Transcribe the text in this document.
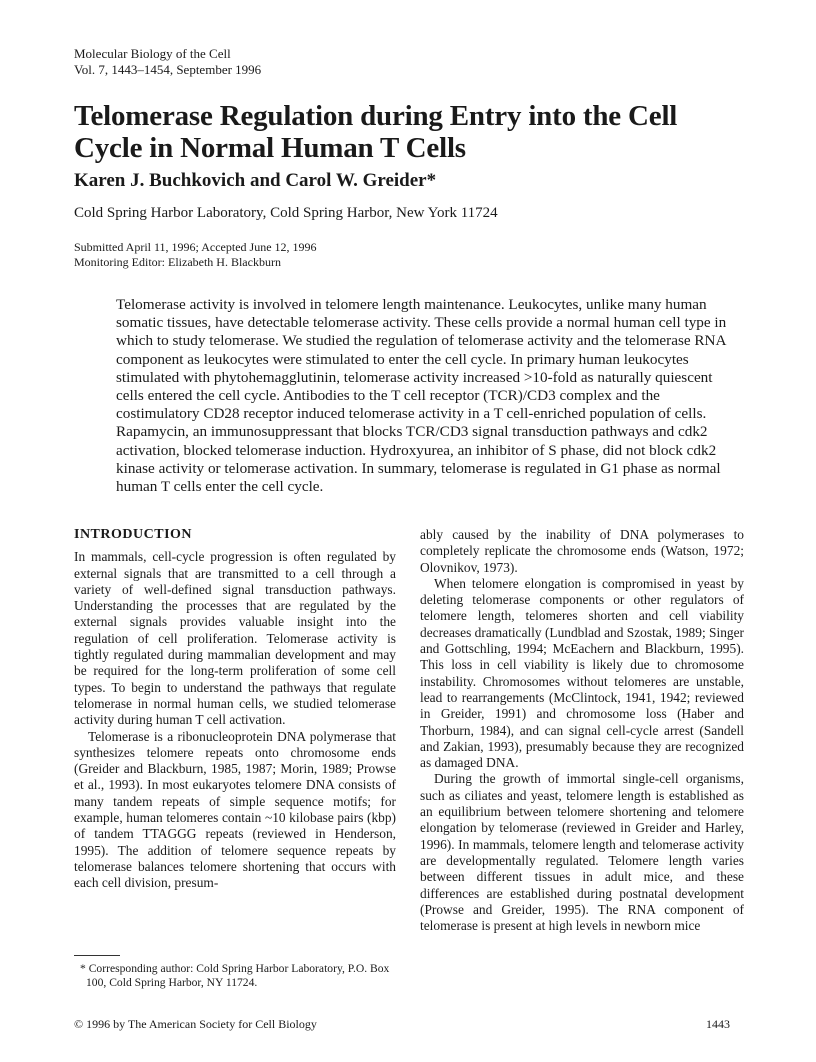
Molecular Biology of the Cell
Vol. 7, 1443–1454, September 1996
Telomerase Regulation during Entry into the Cell Cycle in Normal Human T Cells
Karen J. Buchkovich and Carol W. Greider*
Cold Spring Harbor Laboratory, Cold Spring Harbor, New York 11724
Submitted April 11, 1996; Accepted June 12, 1996
Monitoring Editor: Elizabeth H. Blackburn

Telomerase activity is involved in telomere length maintenance. Leukocytes, unlike many human somatic tissues, have detectable telomerase activity. These cells provide a normal human cell type in which to study telomerase. We studied the regulation of telomerase activity and the telomerase RNA component as leukocytes were stimulated to enter the cell cycle. In primary human leukocytes stimulated with phytohemagglutinin, telomerase activity increased >10-fold as naturally quiescent cells entered the cell cycle. Antibodies to the T cell receptor (TCR)/CD3 complex and the costimulatory CD28 receptor induced telomerase activity in a T cell-enriched population of cells. Rapamycin, an immunosuppressant that blocks TCR/CD3 signal transduction pathways and cdk2 activation, blocked telomerase induction. Hydroxyurea, an inhibitor of S phase, did not block cdk2 kinase activity or telomerase activation. In summary, telomerase is regulated in G1 phase as normal human T cells enter the cell cycle.

INTRODUCTION

In mammals, cell-cycle progression is often regulated by external signals that are transmitted to a cell through a variety of well-defined signal transduction pathways. Understanding the processes that are regulated by the external signals provides valuable insight into the regulation of cell proliferation. Telomerase activity is tightly regulated during mammalian development and may be required for the long-term proliferation of some cell types. To begin to understand the pathways that regulate telomerase in normal human cells, we studied telomerase activity during human T cell activation.

Telomerase is a ribonucleoprotein DNA polymerase that synthesizes telomere repeats onto chromosome ends (Greider and Blackburn, 1985, 1987; Morin, 1989; Prowse et al., 1993). In most eukaryotes telomere DNA consists of many tandem repeats of simple sequence motifs; for example, human telomeres contain ~10 kilobase pairs (kbp) of tandem TTAGGG repeats (reviewed in Henderson, 1995). The addition of telomere sequence repeats by telomerase balances telomere shortening that occurs with each cell division, presum-

ably caused by the inability of DNA polymerases to completely replicate the chromosome ends (Watson, 1972; Olovnikov, 1973).

When telomere elongation is compromised in yeast by deleting telomerase components or other regulators of telomere length, telomeres shorten and cell viability decreases dramatically (Lundblad and Szostak, 1989; Singer and Gottschling, 1994; McEachern and Blackburn, 1995). This loss in cell viability is likely due to chromosome instability. Chromosomes without telomeres are unstable, lead to rearrangements (McClintock, 1941, 1942; reviewed in Greider, 1991) and chromosome loss (Haber and Thorburn, 1984), and can signal cell-cycle arrest (Sandell and Zakian, 1993), presumably because they are recognized as damaged DNA.

During the growth of immortal single-cell organisms, such as ciliates and yeast, telomere length is established as an equilibrium between telomere shortening and telomere elongation by telomerase (reviewed in Greider and Harley, 1996). In mammals, telomere length and telomerase activity are developmentally regulated. Telomere length varies between different tissues in adult mice, and these differences are established during postnatal development (Prowse and Greider, 1995). The RNA component of telomerase is present at high levels in newborn mice

* Corresponding author: Cold Spring Harbor Laboratory, P.O. Box 100, Cold Spring Harbor, NY 11724.
© 1996 by The American Society for Cell Biology	1443
